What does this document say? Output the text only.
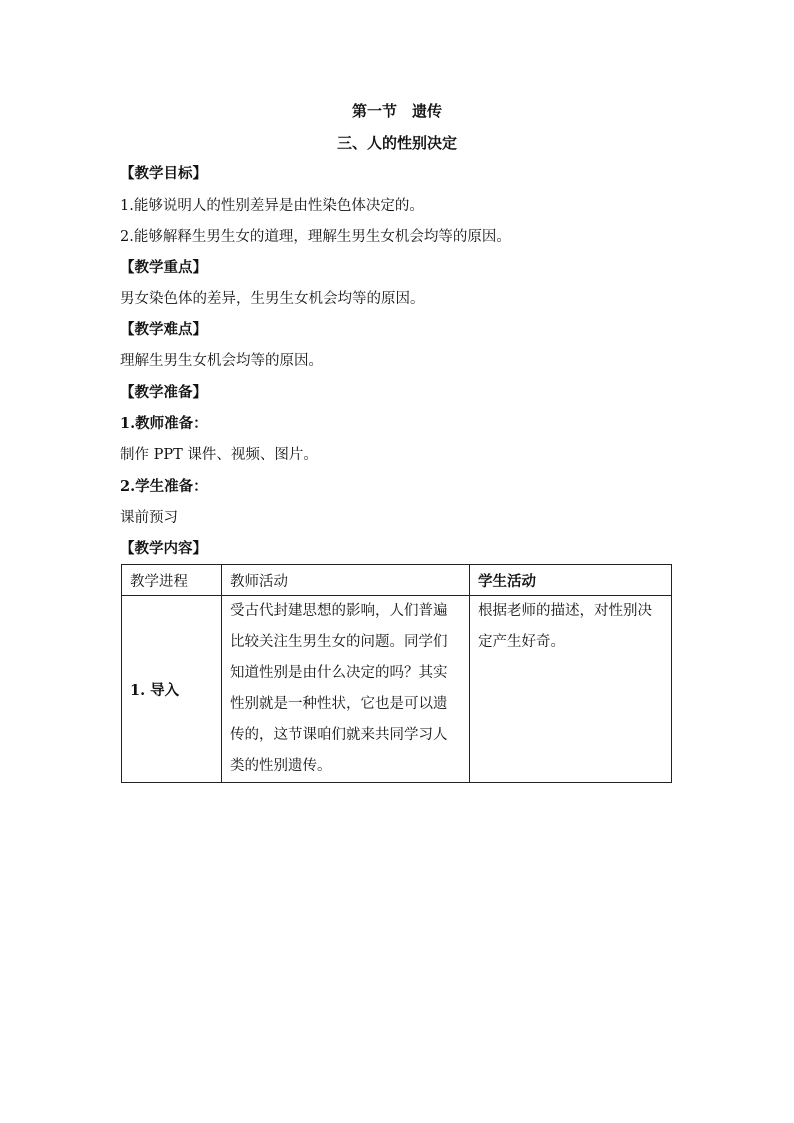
第一节　遗传
三、人的性别决定
【教学目标】
1.能够说明人的性别差异是由性染色体决定的。
2.能够解释生男生女的道理，理解生男生女机会均等的原因。
【教学重点】
男女染色体的差异，生男生女机会均等的原因。
【教学难点】
理解生男生女机会均等的原因。
【教学准备】
1.教师准备：
制作 PPT 课件、视频、图片。
2.学生准备：
课前预习
【教学内容】
教学进程	教师活动	学生活动
1. 导入	受古代封建思想的影响，人们普遍比较关注生男生女的问题。同学们知道性别是由什么决定的吗？其实性别就是一种性状，它也是可以遗传的，这节课咱们就来共同学习人类的性别遗传。	根据老师的描述，对性别决定产生好奇。
